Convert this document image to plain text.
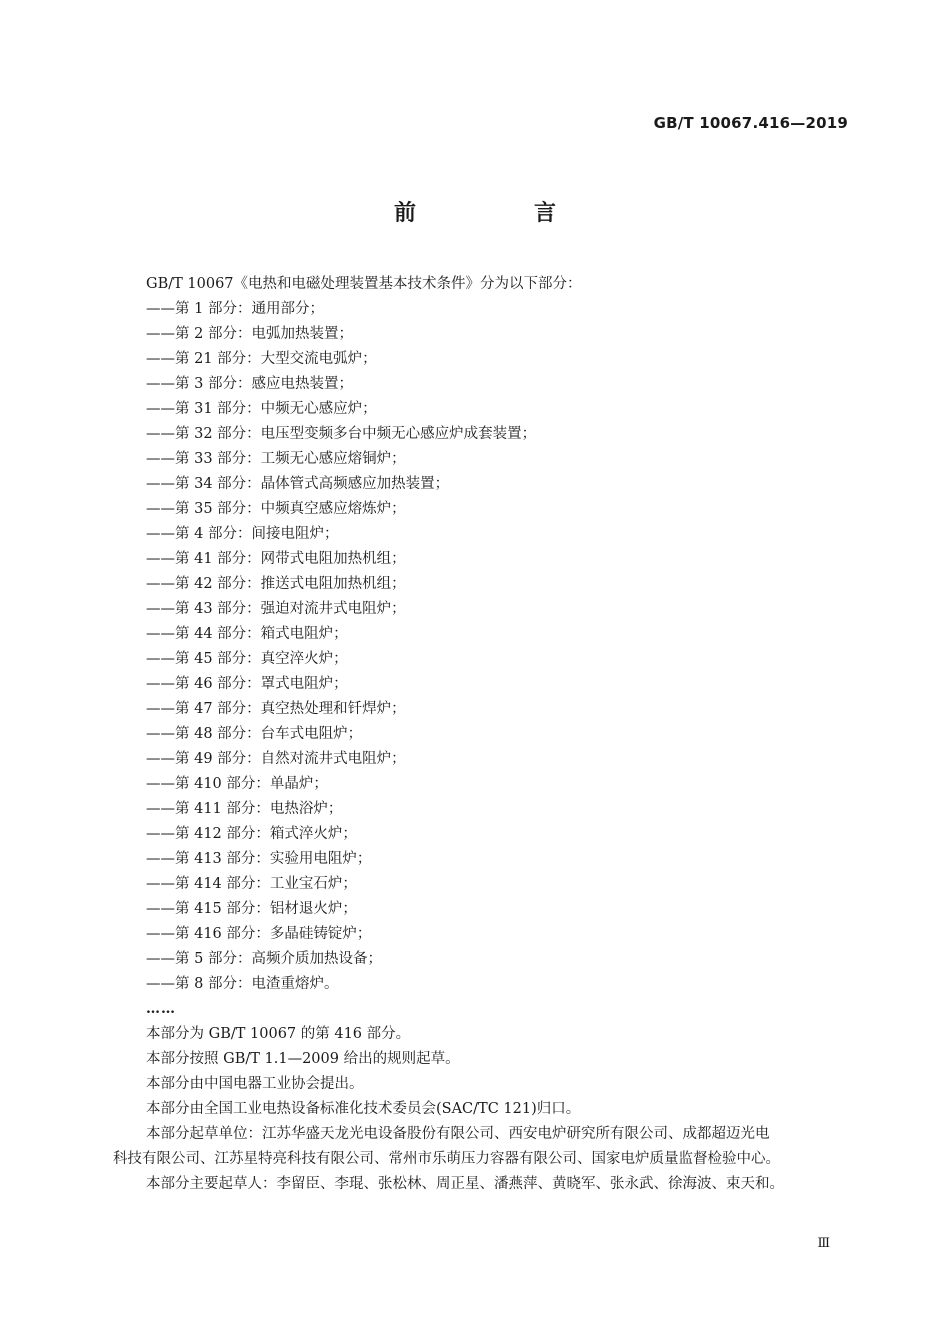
GB/T 10067.416—2019
前　言
GB/T 10067《电热和电磁处理装置基本技术条件》分为以下部分：
——第 1 部分：通用部分；
——第 2 部分：电弧加热装置；
——第 21 部分：大型交流电弧炉；
——第 3 部分：感应电热装置；
——第 31 部分：中频无心感应炉；
——第 32 部分：电压型变频多台中频无心感应炉成套装置；
——第 33 部分：工频无心感应熔铜炉；
——第 34 部分：晶体管式高频感应加热装置；
——第 35 部分：中频真空感应熔炼炉；
——第 4 部分：间接电阻炉；
——第 41 部分：网带式电阻加热机组；
——第 42 部分：推送式电阻加热机组；
——第 43 部分：强迫对流井式电阻炉；
——第 44 部分：箱式电阻炉；
——第 45 部分：真空淬火炉；
——第 46 部分：罩式电阻炉；
——第 47 部分：真空热处理和钎焊炉；
——第 48 部分：台车式电阻炉；
——第 49 部分：自然对流井式电阻炉；
——第 410 部分：单晶炉；
——第 411 部分：电热浴炉；
——第 412 部分：箱式淬火炉；
——第 413 部分：实验用电阻炉；
——第 414 部分：工业宝石炉；
——第 415 部分：铝材退火炉；
——第 416 部分：多晶硅铸锭炉；
——第 5 部分：高频介质加热设备；
——第 8 部分：电渣重熔炉。
……
本部分为 GB/T 10067 的第 416 部分。
本部分按照 GB/T 1.1—2009 给出的规则起草。
本部分由中国电器工业协会提出。
本部分由全国工业电热设备标准化技术委员会(SAC/TC 121)归口。
本部分起草单位：江苏华盛天龙光电设备股份有限公司、西安电炉研究所有限公司、成都超迈光电
科技有限公司、江苏星特亮科技有限公司、常州市乐萌压力容器有限公司、国家电炉质量监督检验中心。
本部分主要起草人：李留臣、李琨、张松林、周正星、潘燕萍、黄晓军、张永武、徐海波、束天和。
Ⅲ
